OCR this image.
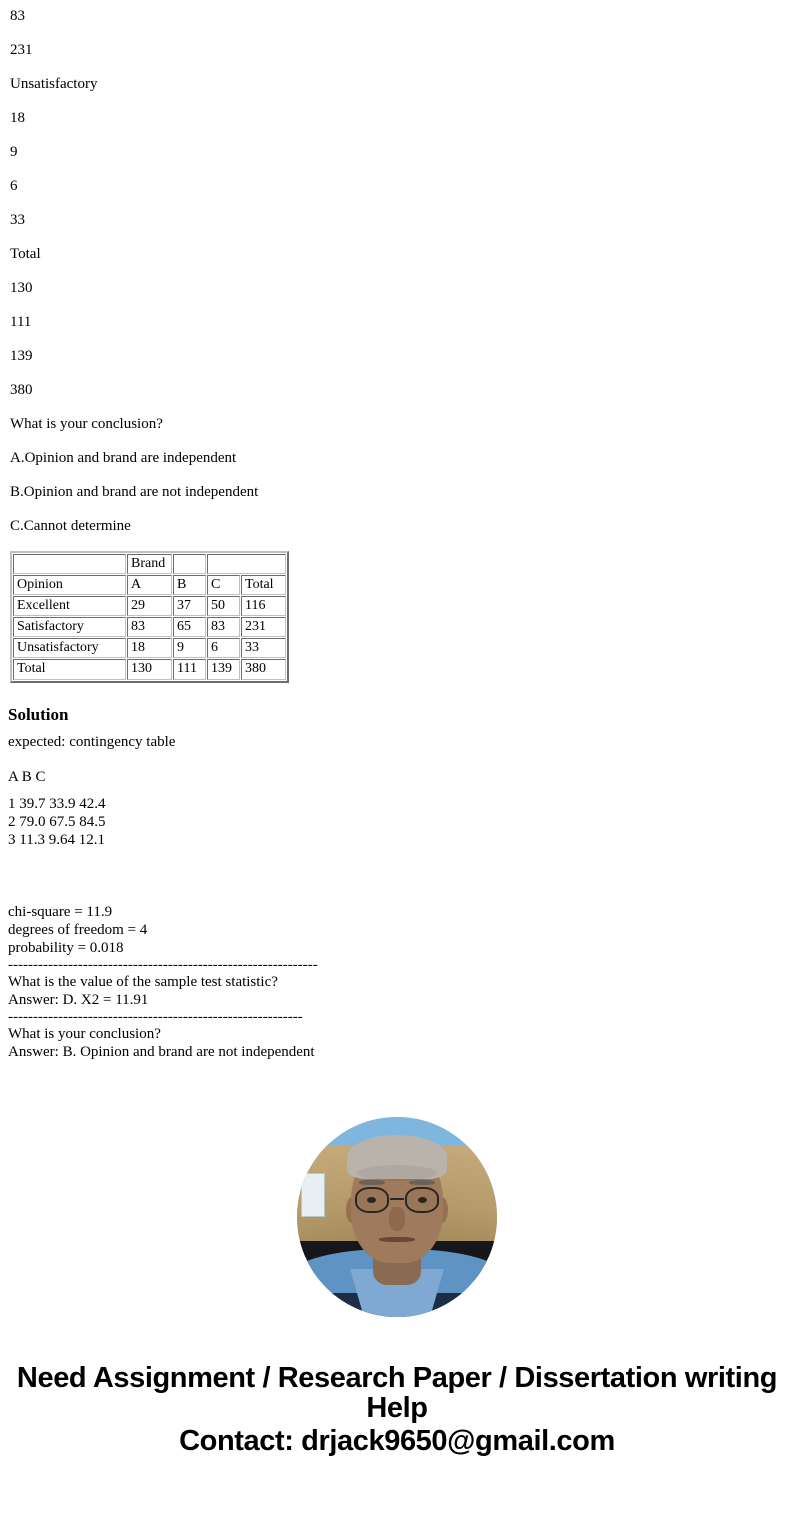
83
231
Unsatisfactory
18
9
6
33
Total
130
111
139
380
What is your conclusion?
A.Opinion and brand are independent
B.Opinion and brand are not independent
C.Cannot determine
	Brand			
Opinion	A	B	C	Total
Excellent	29	37	50	116
Satisfactory	83	65	83	231
Unsatisfactory	18	9	6	33
Total	130	111	139	380
Solution
expected: contingency table
A B C
1 39.7 33.9 42.4
2 79.0 67.5 84.5
3 11.3 9.64 12.1
chi-square = 11.9
degrees of freedom = 4
probability = 0.018
--------------------------------------------------------------
What is the value of the sample test statistic?
Answer: D. X2 = 11.91
-----------------------------------------------------------
What is your conclusion?
Answer: B. Opinion and brand are not independent
Need Assignment / Research Paper / Dissertation writing Help
Contact: drjack9650@gmail.com
